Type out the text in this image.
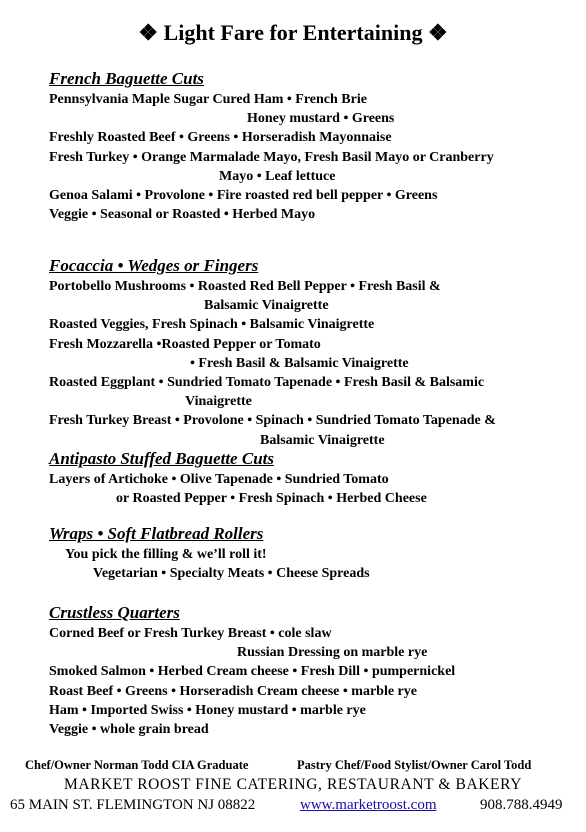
❖ Light Fare for Entertaining ❖
French Baguette Cuts
Pennsylvania Maple Sugar Cured Ham • French Brie
Honey mustard • Greens
Freshly Roasted Beef • Greens • Horseradish Mayonnaise
Fresh Turkey • Orange Marmalade Mayo, Fresh Basil Mayo or Cranberry
Mayo • Leaf lettuce
Genoa Salami • Provolone • Fire roasted red bell pepper • Greens
Veggie • Seasonal or Roasted • Herbed Mayo
Focaccia • Wedges or Fingers
Portobello Mushrooms • Roasted Red Bell Pepper • Fresh Basil &
Balsamic Vinaigrette
Roasted Veggies, Fresh Spinach • Balsamic Vinaigrette
Fresh Mozzarella •Roasted Pepper or Tomato
• Fresh Basil & Balsamic Vinaigrette
Roasted Eggplant • Sundried Tomato Tapenade • Fresh Basil & Balsamic
Vinaigrette
Fresh Turkey Breast • Provolone • Spinach • Sundried Tomato Tapenade &
Balsamic Vinaigrette
Antipasto Stuffed Baguette Cuts
Layers of Artichoke • Olive Tapenade • Sundried Tomato
or Roasted Pepper • Fresh Spinach • Herbed Cheese
Wraps • Soft Flatbread Rollers
You pick the filling & we’ll roll it!
Vegetarian • Specialty Meats • Cheese Spreads
Crustless Quarters
Corned Beef or Fresh Turkey Breast • cole slaw
Russian Dressing on marble rye
Smoked Salmon • Herbed Cream cheese • Fresh Dill • pumpernickel
Roast Beef • Greens • Horseradish Cream cheese • marble rye
Ham • Imported Swiss • Honey mustard • marble rye
Veggie • whole grain bread
Chef/Owner Norman Todd CIA Graduate	Pastry Chef/Food Stylist/Owner Carol Todd
MARKET ROOST FINE CATERING, RESTAURANT & BAKERY
65 MAIN ST. FLEMINGTON NJ 08822	www.marketroost.com	908.788.4949
